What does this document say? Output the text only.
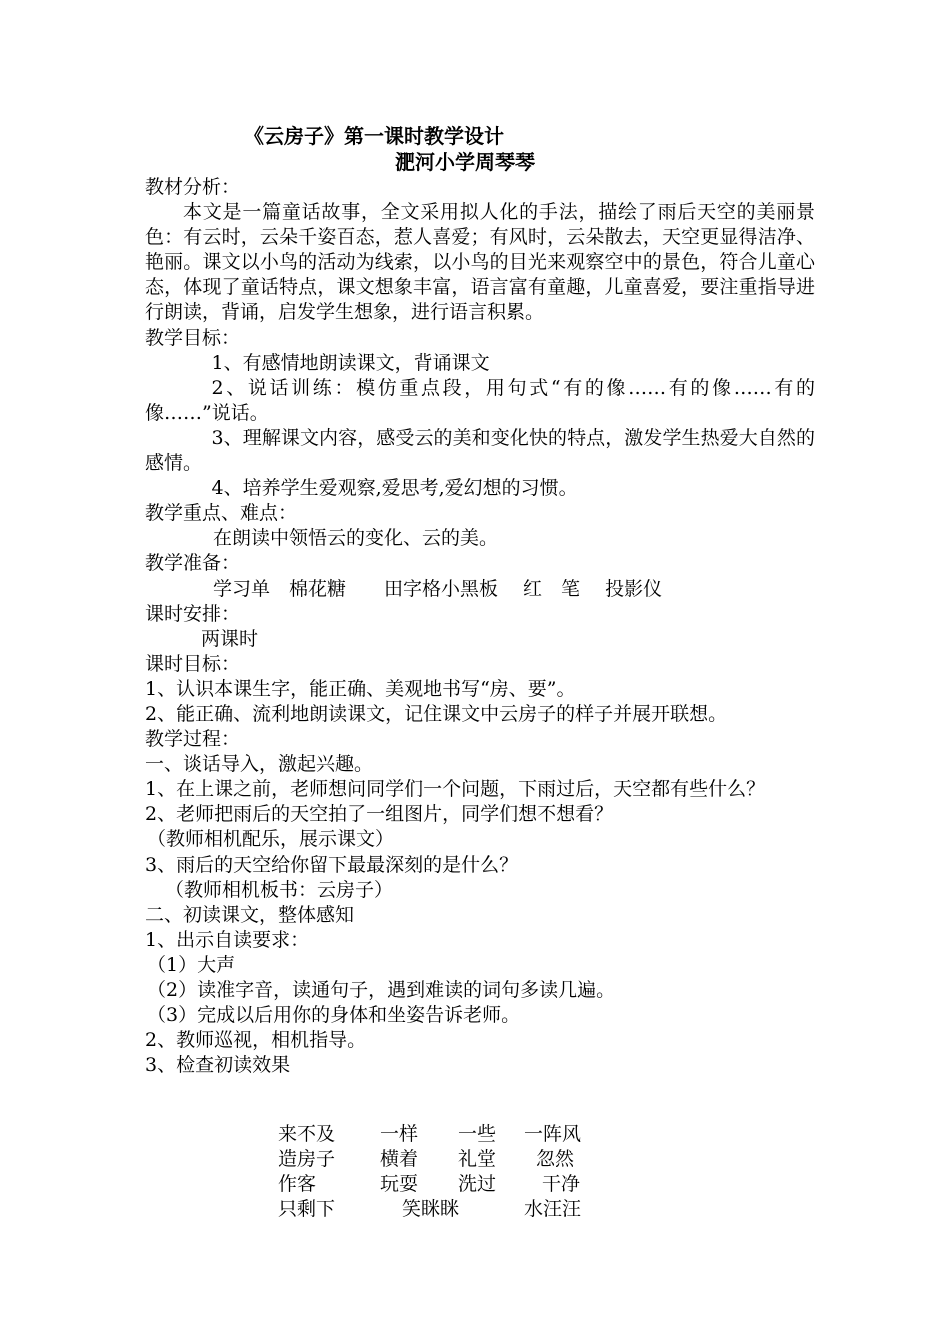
《云房子》第一课时教学设计
淝河小学周琴琴
教材分析：
本文是一篇童话故事，全文采用拟人化的手法，描绘了雨后天空的美丽景色：有云时，云朵千姿百态，惹人喜爱；有风时，云朵散去，天空更显得洁净、艳丽。课文以小鸟的活动为线索，以小鸟的目光来观察空中的景色，符合儿童心态，体现了童话特点，课文想象丰富，语言富有童趣，儿童喜爱，要注重指导进行朗读，背诵，启发学生想象，进行语言积累。
教学目标：
1、有感情地朗读课文，背诵课文
2、说话训练：模仿重点段，用句式“有的像……有的像……有的像……”说话。
3、理解课文内容，感受云的美和变化快的特点，激发学生热爱大自然的感情。
4、培养学生爱观察,爱思考,爱幻想的习惯。
教学重点、难点：
在朗读中领悟云的变化、云的美。
教学准备：
学习单　棉花糖　　田字格小黑板　 红　笔　 投影仪
课时安排：
两课时
课时目标：
1、认识本课生字，能正确、美观地书写“房、要”。
2、能正确、流利地朗读课文，记住课文中云房子的样子并展开联想。
教学过程：
一、谈话导入，激起兴趣。
1、在上课之前，老师想问同学们一个问题，下雨过后，天空都有些什么？
2、老师把雨后的天空拍了一组图片，同学们想不想看？
（教师相机配乐，展示课文）
3、雨后的天空给你留下最最深刻的是什么？
（教师相机板书：云房子）
二、初读课文，整体感知
1、出示自读要求：
（1）大声
（2）读准字音，读通句子，遇到难读的词句多读几遍。
（3）完成以后用你的身体和坐姿告诉老师。
2、教师巡视，相机指导。
3、检查初读效果
来不及 一样 一些 一阵风
造房子 横着 礼堂 忽然
作客	玩耍 洗过 干净
只剩下	笑眯眯	水汪汪
